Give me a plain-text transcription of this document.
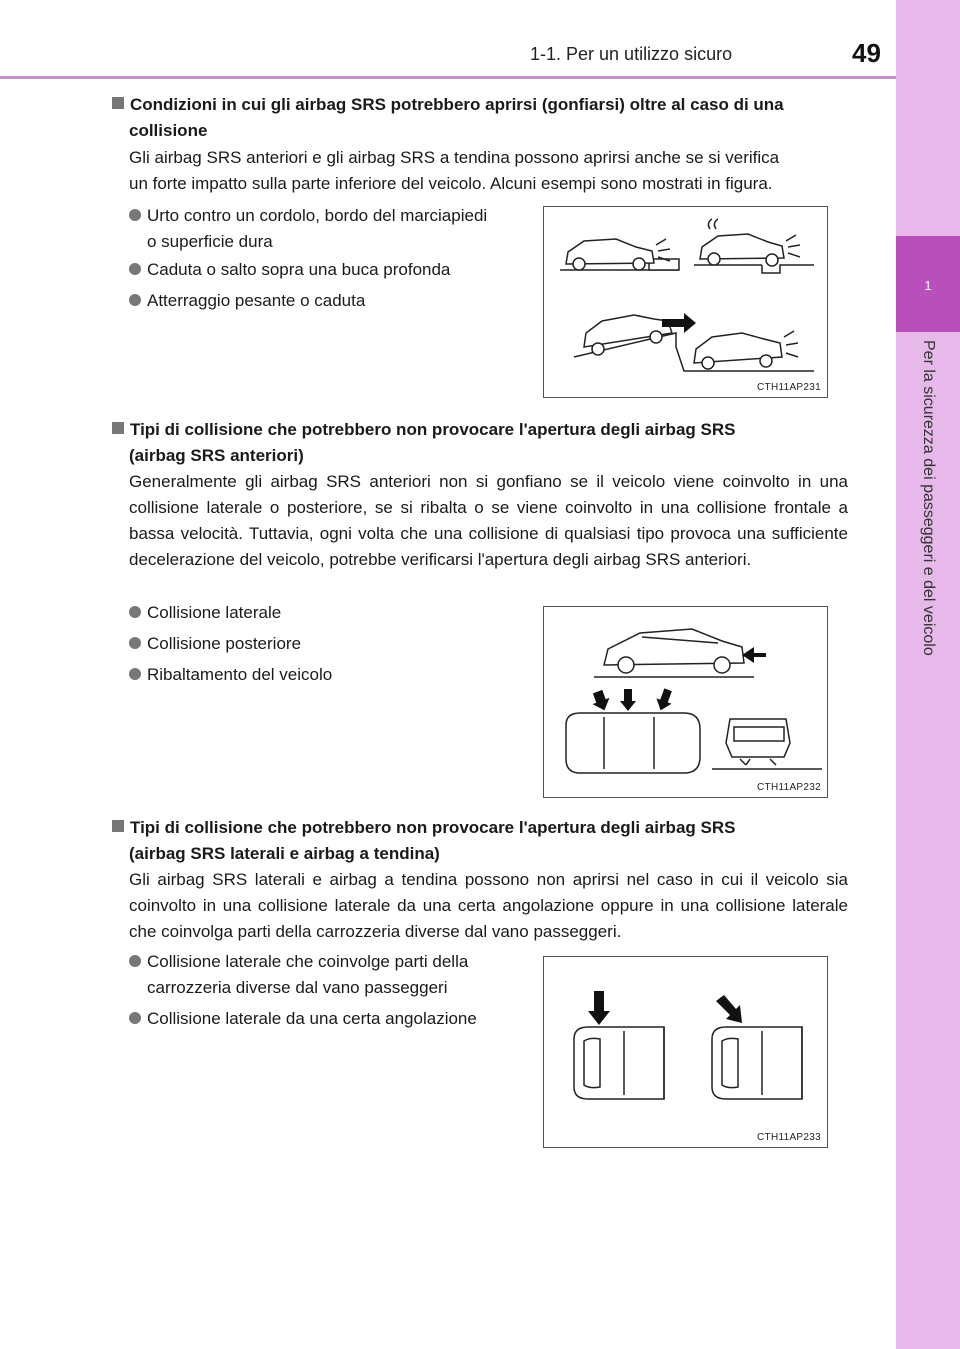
1-1. Per un utilizzo sicuro	49
1
Per la sicurezza dei passeggeri e del veicolo
Condizioni in cui gli airbag SRS potrebbero aprirsi (gonfiarsi) oltre al caso di una
collisione
Gli airbag SRS anteriori e gli airbag SRS a tendina possono aprirsi anche se si verifica
un forte impatto sulla parte inferiore del veicolo. Alcuni esempi sono mostrati in figura.
Urto contro un cordolo, bordo del marciapiedi
o superficie dura
Caduta o salto sopra una buca profonda
Atterraggio pesante o caduta
CTH11AP231
Tipi di collisione che potrebbero non provocare l'apertura degli airbag SRS
(airbag SRS anteriori)
Generalmente gli airbag SRS anteriori non si gonfiano se il veicolo viene coinvolto in una collisione laterale o posteriore, se si ribalta o se viene coinvolto in una collisione frontale a bassa velocità. Tuttavia, ogni volta che una collisione di qualsiasi tipo provoca una sufficiente decelerazione del veicolo, potrebbe verificarsi l'apertura degli airbag SRS anteriori.
Collisione laterale
Collisione posteriore
Ribaltamento del veicolo
CTH11AP232
Tipi di collisione che potrebbero non provocare l'apertura degli airbag SRS
(airbag SRS laterali e airbag a tendina)
Gli airbag SRS laterali e airbag a tendina possono non aprirsi nel caso in cui il veicolo sia coinvolto in una collisione laterale da una certa angolazione oppure in una collisione laterale che coinvolga parti della carrozzeria diverse dal vano passeggeri.
Collisione laterale che coinvolge parti della
carrozzeria diverse dal vano passeggeri
Collisione laterale da una certa angolazione
CTH11AP233
